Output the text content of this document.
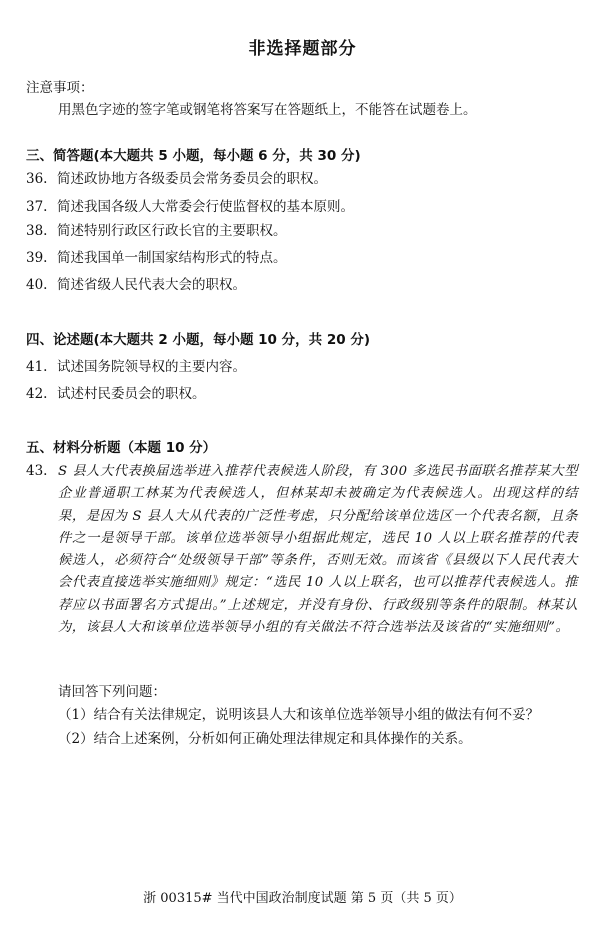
非选择题部分
注意事项：
用黑色字迹的签字笔或钢笔将答案写在答题纸上，不能答在试题卷上。
三、简答题(本大题共 5 小题，每小题 6 分，共 30 分)
36. 简述政协地方各级委员会常务委员会的职权。
37. 简述我国各级人大常委会行使监督权的基本原则。
38. 简述特别行政区行政长官的主要职权。
39. 简述我国单一制国家结构形式的特点。
40. 简述省级人民代表大会的职权。
四、论述题(本大题共 2 小题，每小题 10 分，共 20 分)
41. 试述国务院领导权的主要内容。
42. 试述村民委员会的职权。
五、材料分析题（本题 10 分）
43. S 县人大代表换届选举进入推荐代表候选人阶段，有 300 多选民书面联名推荐某大型企业普通职工林某为代表候选人，但林某却未被确定为代表候选人。出现这样的结果，是因为 S 县人大从代表的广泛性考虑，只分配给该单位选区一个代表名额，且条件之一是领导干部。该单位选举领导小组据此规定，选民 10 人以上联名推荐的代表候选人，必须符合“处级领导干部”等条件，否则无效。而该省《县级以下人民代表大会代表直接选举实施细则》规定：“选民 10 人以上联名，也可以推荐代表候选人。推荐应以书面署名方式提出。”上述规定，并没有身份、行政级别等条件的限制。林某认为，该县人大和该单位选举领导小组的有关做法不符合选举法及该省的“实施细则”。
请回答下列问题：
（1）结合有关法律规定，说明该县人大和该单位选举领导小组的做法有何不妥？
（2）结合上述案例，分析如何正确处理法律规定和具体操作的关系。
浙 00315# 当代中国政治制度试题 第 5 页（共 5 页）
